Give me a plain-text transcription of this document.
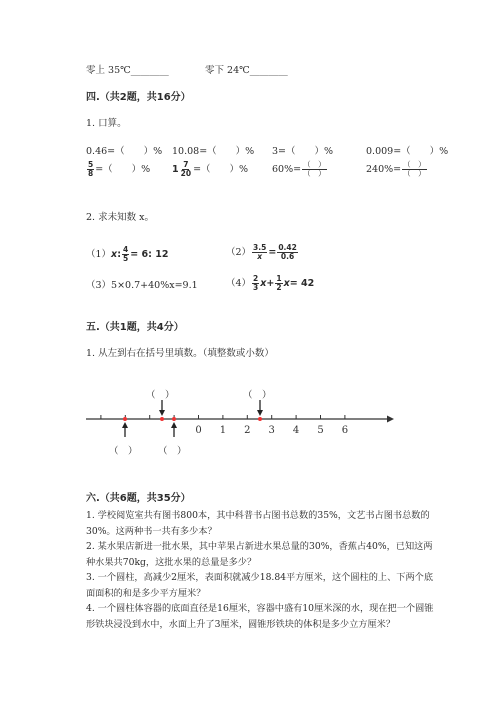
零上 35℃________	零下 24℃________
四.（共2题，共16分）
1. 口算。
0.46=（　　）% 10.08=（　　）% 3=（　　）%	0.009=（　　）%
$\frac{5}{8}$ =（　　）% $1 \frac{7}{20}$ =（　　）%	$60\%= \frac{( )}{( )}$	$240\%= \frac{( )}{( )}$
2. 求未知数 x。
（1）x: $\frac{4}{5} = 6$: 12	$(2) \frac{3.5}{x} = \frac{0.42}{0.6}$
（3）5×0.7+40%x=9.1	$(4) \frac{2}{3} x+ \frac{1}{2} x= 42$
五.（共1题，共4分）
1. 从左到右在括号里填数。（填整数或小数）
（　）	（　）
0 1 2 3 4 5 6
（　） （　）
六.（共6题，共35分）
1. 学校阅览室共有图书800本，其中科普书占图书总数的35%，文艺书占图书总数的30%。这两种书一共有多少本？
2. 某水果店新进一批水果，其中苹果占新进水果总量的30%，香蕉占40%，已知这两种水果共70kg，这批水果的总量是多少？
3. 一个圆柱，高减少2厘米，表面积就减少18.84平方厘米，这个圆柱的上、下两个底面面积的和是多少平方厘米？
4. 一个圆柱体容器的底面直径是16厘米，容器中盛有10厘米深的水，现在把一个圆锥形铁块浸没到水中，水面上升了3厘米，圆锥形铁块的体积是多少立方厘米？
